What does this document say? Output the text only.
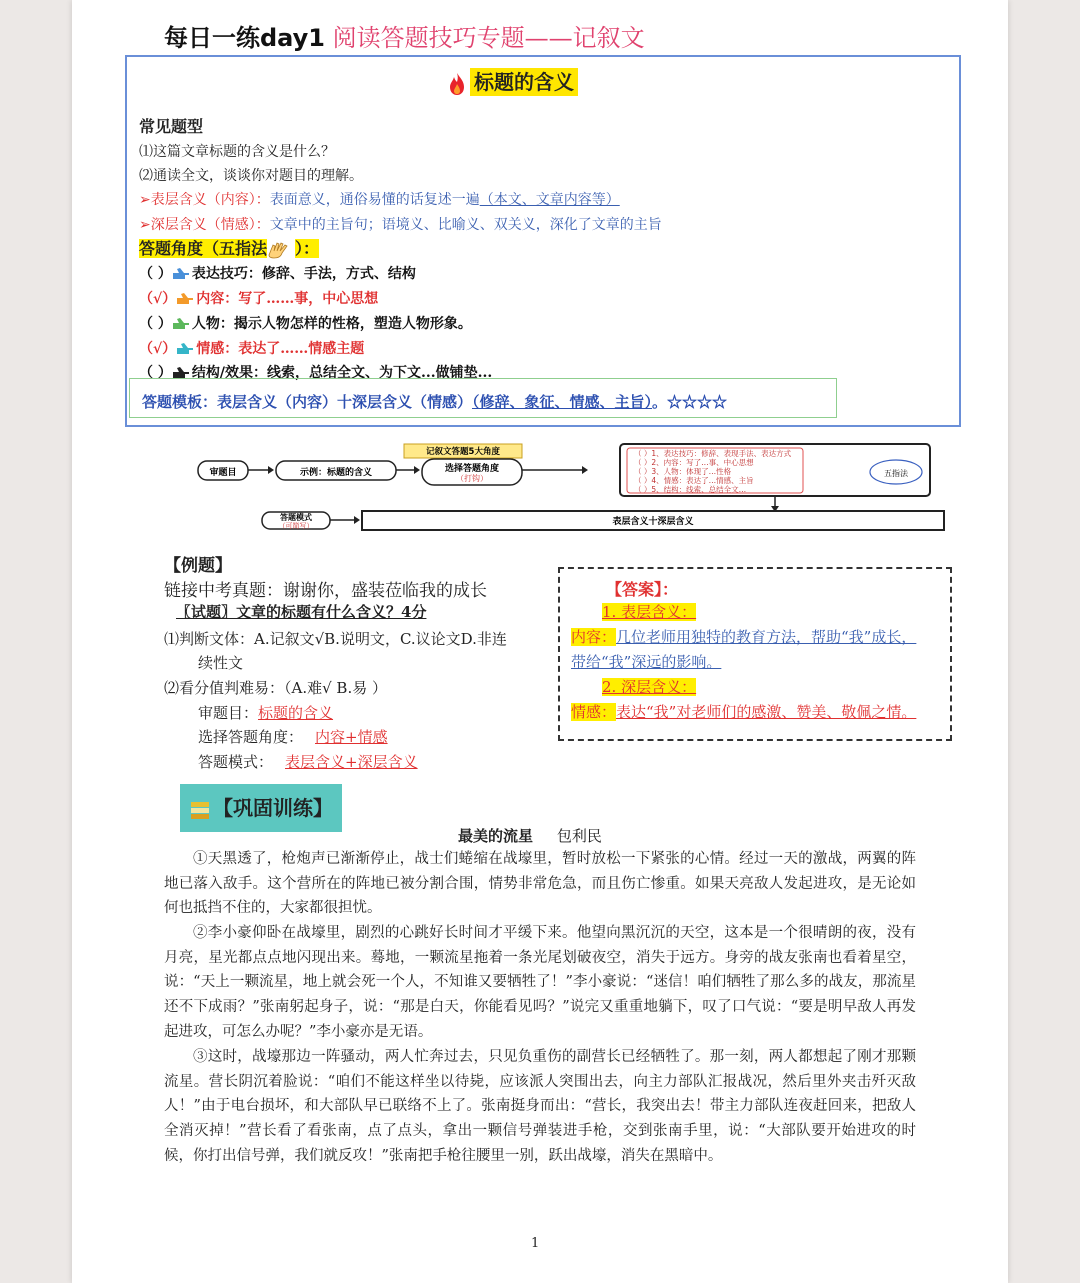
每日一练day1 阅读答题技巧专题——记叙文
标题的含义
常见题型
⑴这篇文章标题的含义是什么？
⑵通读全文，谈谈你对题目的理解。
➢表层含义（内容）：表面意义，通俗易懂的话复述一遍（本文、文章内容等）
➢深层含义（情感）：文章中的主旨句；语境义、比喻义、双关义，深化了文章的主旨
答题角度（五指法 ）：
（ ） 表达技巧：修辞、手法，方式、结构
（√） 内容：写了……事，中心思想
（ ） 人物：揭示人物怎样的性格，塑造人物形象。
（√） 情感：表达了……情感主题
（ ） 结构/效果：线索，总结全文、为下文...做铺垫...
答题模板：表层含义（内容）十深层含义（情感）（修辞、象征、情感、主旨）。☆☆☆☆
审题目	示例：标题的含义
记叙文答题5大角度
选择答题角度
（打钩）
（ ）1、表达技巧：修辞、表现手法、表达方式
（ ）2、内容：写了…事、中心思想
（ ）3、人物：体现了…性格
（ ）4、情感：表达了…情感、主旨
（ ）5、结构：线索、总结全文…
五指法
答题模式
（可简写）	表层含义十深层含义
【例题】
链接中考真题：谢谢你，盛装莅临我的成长
〖试题〗文章的标题有什么含义？4分
⑴判断文体：A.记叙文√B.说明文，C.议论文D.非连
续性文
⑵看分值判难易：（A.难√ B.易 ）
审题目：标题的含义
选择答题角度： 内容+情感
答题模式： 表层含义+深层含义
【答案】：
1. 表层含义：
内容：几位老师用独特的教育方法，帮助“我”成长，
带给“我”深远的影响。
2. 深层含义：
情感：表达“我”对老师们的感激、赞美、敬佩之情。
【巩固训练】
最美的流星 包利民
①天黑透了，枪炮声已渐渐停止，战士们蜷缩在战壕里，暂时放松一下紧张的心情。经过一天的激战，两翼的阵地已落入敌手。这个营所在的阵地已被分割合围，情势非常危急，而且伤亡惨重。如果天亮敌人发起进攻，是无论如何也抵挡不住的，大家都很担忧。
②李小豪仰卧在战壕里，剧烈的心跳好长时间才平缓下来。他望向黑沉沉的天空，这本是一个很晴朗的夜，没有月亮，星光都点点地闪现出来。蓦地，一颗流星拖着一条光尾划破夜空，消失于远方。身旁的战友张南也看着星空，说：“天上一颗流星，地上就会死一个人，不知谁又要牺牲了！”李小豪说：“迷信！咱们牺牲了那么多的战友，那流星还不下成雨？”张南躬起身子，说：“那是白天，你能看见吗？”说完又重重地躺下，叹了口气说：“要是明早敌人再发起进攻，可怎么办呢？”李小豪亦是无语。
③这时，战壕那边一阵骚动，两人忙奔过去，只见负重伤的副营长已经牺牲了。那一刻，两人都想起了刚才那颗流星。营长阴沉着脸说：“咱们不能这样坐以待毙，应该派人突围出去，向主力部队汇报战况，然后里外夹击歼灭敌人！”由于电台损坏，和大部队早已联络不上了。张南挺身而出：“营长，我突出去！带主力部队连夜赶回来，把敌人全消灭掉！”营长看了看张南，点了点头，拿出一颗信号弹装进手枪，交到张南手里，说：“大部队要开始进攻的时候，你打出信号弹，我们就反攻！”张南把手枪往腰里一别，跃出战壕，消失在黑暗中。
1
